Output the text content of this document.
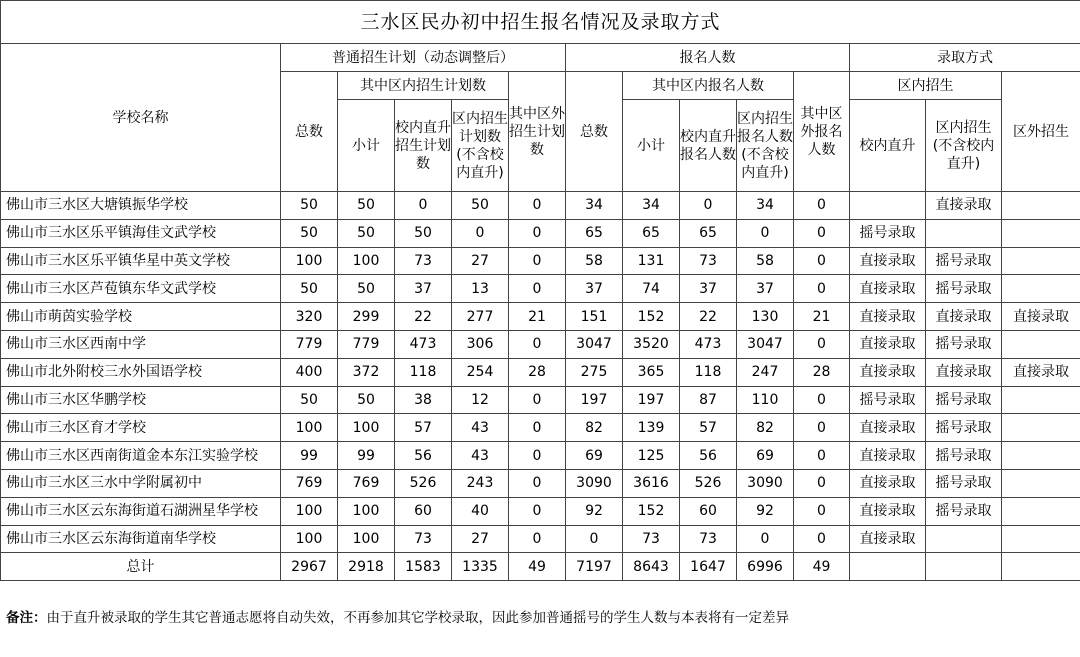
三水区民办初中招生报名情况及录取方式													
学校名称	普通招生计划（动态调整后）					报名人数					录取方式		
	总数	其中区内招生计划数			其中区外招生计划数	总数	其中区内报名人数			其中区外报名人数	区内招生		区外招生
		小计	校内直升招生计划数	区内招生计划数(不含校内直升)			小计	校内直升报名人数	区内招生报名人数(不含校内直升)		校内直升	区内招生(不含校内直升)	

佛山市三水区大塘镇振华学校	50	50	0	50	0	34	34	0	34	0		直接录取	
佛山市三水区乐平镇海佳文武学校	50	50	50	0	0	65	65	65	0	0	摇号录取		
佛山市三水区乐平镇华星中英文学校	100	100	73	27	0	58	131	73	58	0	直接录取	摇号录取	
佛山市三水区芦苞镇东华文武学校	50	50	37	13	0	37	74	37	37	0	直接录取	摇号录取	
佛山市萌茵实验学校	320	299	22	277	21	151	152	22	130	21	直接录取	直接录取	直接录取
佛山市三水区西南中学	779	779	473	306	0	3047	3520	473	3047	0	直接录取	摇号录取	
佛山市北外附校三水外国语学校	400	372	118	254	28	275	365	118	247	28	直接录取	直接录取	直接录取
佛山市三水区华鹏学校	50	50	38	12	0	197	197	87	110	0	摇号录取	摇号录取	
佛山市三水区育才学校	100	100	57	43	0	82	139	57	82	0	直接录取	摇号录取	
佛山市三水区西南街道金本东江实验学校	99	99	56	43	0	69	125	56	69	0	直接录取	摇号录取	
佛山市三水区三水中学附属初中	769	769	526	243	0	3090	3616	526	3090	0	直接录取	摇号录取	
佛山市三水区云东海街道石湖洲星华学校	100	100	60	40	0	92	152	60	92	0	直接录取	摇号录取	
佛山市三水区云东海街道南华学校	100	100	73	27	0	0	73	73	0	0	直接录取		
总计	2967	2918	1583	1335	49	7197	8643	1647	6996	49			
备注：由于直升被录取的学生其它普通志愿将自动失效，不再参加其它学校录取，因此参加普通摇号的学生人数与本表将有一定差异
